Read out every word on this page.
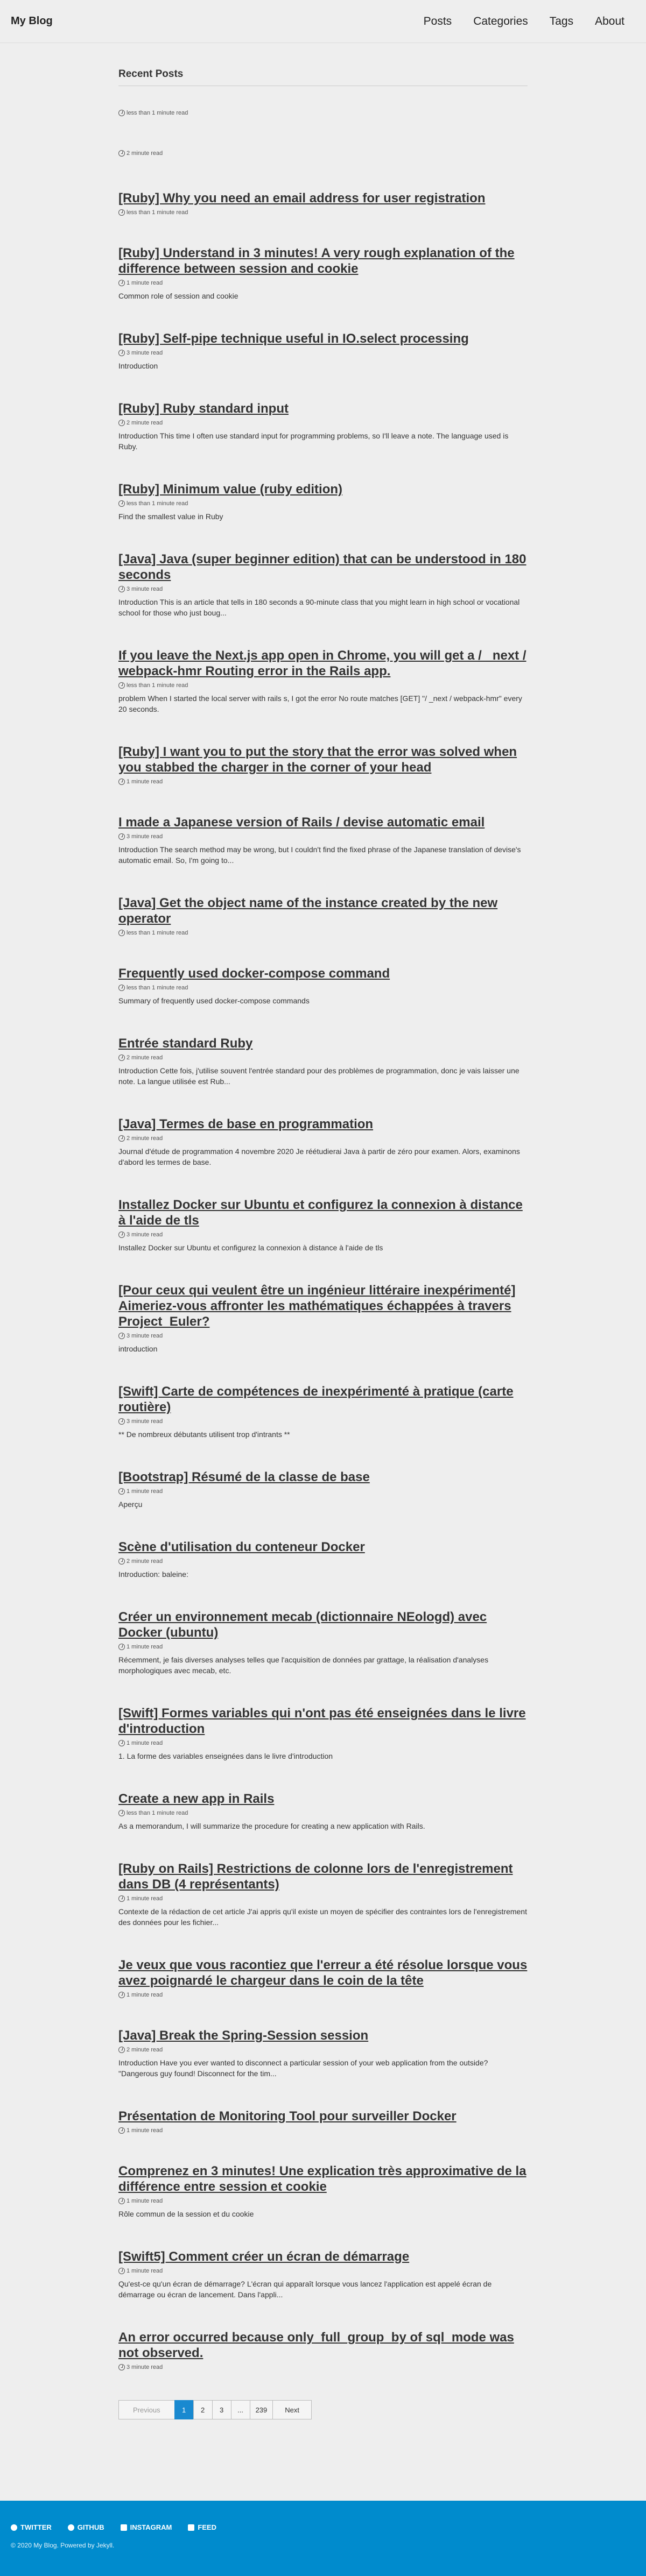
My Blog	Posts Categories Tags About
Recent Posts
less than 1 minute read
2 minute read
[Ruby] Why you need an email address for user registration
less than 1 minute read
[Ruby] Understand in 3 minutes! A very rough explanation of the difference between session and cookie
1 minute read

Common role of session and cookie

[Ruby] Self-pipe technique useful in IO.select processing
3 minute read

Introduction

[Ruby] Ruby standard input
2 minute read

Introduction This time I often use standard input for programming problems, so I'll leave a note. The language used is Ruby.

[Ruby] Minimum value (ruby edition)
less than 1 minute read

Find the smallest value in Ruby

[Java] Java (super beginner edition) that can be understood in 180 seconds
3 minute read

Introduction This is an article that tells in 180 seconds a 90-minute class that you might learn in high school or vocational school for those who just boug...

If you leave the Next.js app open in Chrome, you will get a / _next / webpack-hmr Routing error in the Rails app.
less than 1 minute read

problem When I started the local server with rails s, I got the error No route matches [GET] "/ _next / webpack-hmr" every 20 seconds.

[Ruby] I want you to put the story that the error was solved when you stabbed the charger in the corner of your head
1 minute read
I made a Japanese version of Rails / devise automatic email
3 minute read

Introduction The search method may be wrong, but I couldn't find the fixed phrase of the Japanese translation of devise's automatic email. So, I'm going to...

[Java] Get the object name of the instance created by the new operator
less than 1 minute read
Frequently used docker-compose command
less than 1 minute read

Summary of frequently used docker-compose commands

Entrée standard Ruby
2 minute read

Introduction Cette fois, j'utilise souvent l'entrée standard pour des problèmes de programmation, donc je vais laisser une note. La langue utilisée est Rub...

[Java] Termes de base en programmation
2 minute read

Journal d'étude de programmation 4 novembre 2020 Je réétudierai Java à partir de zéro pour examen. Alors, examinons d'abord les termes de base.

Installez Docker sur Ubuntu et configurez la connexion à distance à l'aide de tls
3 minute read

Installez Docker sur Ubuntu et configurez la connexion à distance à l'aide de tls

[Pour ceux qui veulent être un ingénieur littéraire inexpérimenté] Aimeriez-vous affronter les mathématiques échappées à travers Project_Euler?
3 minute read

introduction

[Swift] Carte de compétences de inexpérimenté à pratique (carte routière)
3 minute read

** De nombreux débutants utilisent trop d'intrants **

[Bootstrap] Résumé de la classe de base
1 minute read

Aperçu

Scène d'utilisation du conteneur Docker
2 minute read

Introduction: baleine:

Créer un environnement mecab (dictionnaire NEologd) avec Docker (ubuntu)
1 minute read

Récemment, je fais diverses analyses telles que l'acquisition de données par grattage, la réalisation d'analyses morphologiques avec mecab, etc.

[Swift] Formes variables qui n'ont pas été enseignées dans le livre d'introduction
1 minute read

1. La forme des variables enseignées dans le livre d'introduction

Create a new app in Rails
less than 1 minute read

As a memorandum, I will summarize the procedure for creating a new application with Rails.

[Ruby on Rails] Restrictions de colonne lors de l'enregistrement dans DB (4 représentants)
1 minute read

Contexte de la rédaction de cet article J'ai appris qu'il existe un moyen de spécifier des contraintes lors de l'enregistrement des données pour les fichier...

Je veux que vous racontiez que l'erreur a été résolue lorsque vous avez poignardé le chargeur dans le coin de la tête
1 minute read
[Java] Break the Spring-Session session
2 minute read

Introduction Have you ever wanted to disconnect a particular session of your web application from the outside? "Dangerous guy found! Disconnect for the tim...

Présentation de Monitoring Tool pour surveiller Docker
1 minute read
Comprenez en 3 minutes! Une explication très approximative de la différence entre session et cookie
1 minute read

Rôle commun de la session et du cookie

[Swift5] Comment créer un écran de démarrage
1 minute read

Qu'est-ce qu'un écran de démarrage? L'écran qui apparaît lorsque vous lancez l'application est appelé écran de démarrage ou écran de lancement. Dans l'appli...

An error occurred because only_full_group_by of sql_mode was not observed.
3 minute read
Previous	1	2	3	...	239	Next
TWITTER	GITHUB	INSTAGRAM	FEED
© 2020 My Blog. Powered by Jekyll.
